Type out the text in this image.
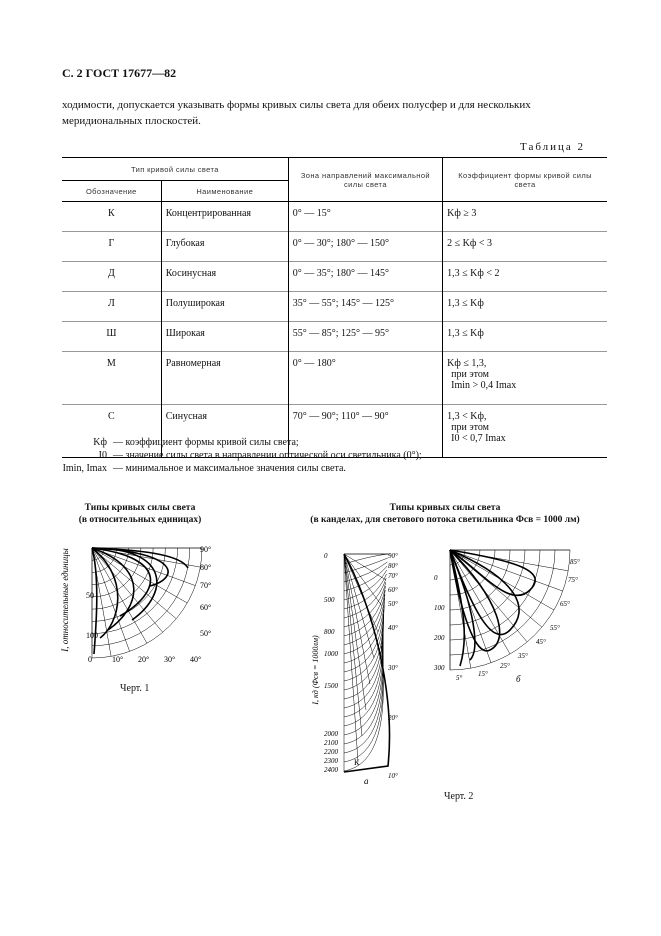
С. 2 ГОСТ 17677—82
ходимости, допускается указывать формы кривых силы света для обеих полусфер и для нескольких меридиональных плоскостей.
Таблица 2
Тип кривой силы света		Зона направлений максимальной силы света	Коэффициент формы кривой силы света
Обозначение	Наименование		
К	Концентрированная	0° — 15°	Kф ≥ 3

Г	Глубокая	0° — 30°; 180° — 150°	2 ≤ Kф < 3

Д	Косинусная	0° — 35°; 180° — 145°	1,3 ≤ Kф < 2

Л	Полуширокая	35° — 55°; 145° — 125°	1,3 ≤ Kф

Ш	Широкая	55° — 85°; 125° — 95°	1,3 ≤ Kф

М	Равномерная	0° — 180°	Kф ≤ 1,3,
при этом
Imin > 0,4 Imax

С	Синусная	70° — 90°; 110° — 90°	1,3 < Kф,
при этом
I0 < 0,7 Imax
Kф — коэффициент формы кривой силы света;
I0 — значение силы света в направлении оптической оси светильника (0°);
Imin, Imax — минимальное и максимальное значения силы света.
Типы кривых силы света
(в относительных единицах)
I, относительные единицы 50
100
0	10° 20° 30° 40°
90°
80°
70°
60°
50°
Черт. 1
Типы кривых силы света
(в канделах, для светового потока светильника Фсв = 1000 лм)
I, кд (Фсв = 1000лм)
0
500
800
1000
1500
2000
2100
2200
2300
2400
90°
80°
70°
60°
50°
40°
30°
20°
10°
а
К
0
100
200
300
85°
75°
65°
55°
45°
35°
25°
15°
5°	б
Черт. 2
